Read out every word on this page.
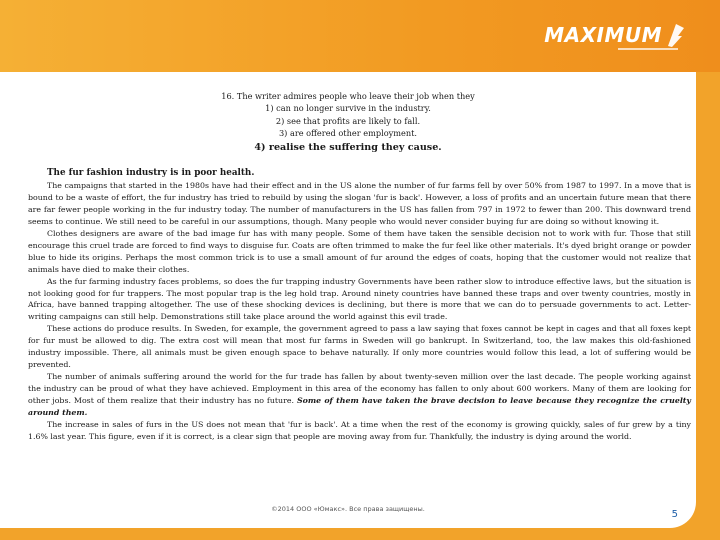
MAXIMUM
16. The writer admires people who leave their job when they
1) can no longer survive in the industry.
2) see that profits are likely to fall.
3) are offered other employment.
4) realise the suffering they cause.

The fur fashion industry is in poor health.

The campaigns that started in the 1980s have had their effect and in the US alone the number of fur farms fell by over 50% from 1987 to 1997. In a move that is bound to be a waste of effort, the fur industry has tried to rebuild by using the slogan 'fur is back'. However, a loss of profits and an uncertain future mean that there are far fewer people working in the fur industry today. The number of manufacturers in the US has fallen from 797 in 1972 to fewer than 200. This downward trend seems to continue. We still need to be careful in our assumptions, though. Many people who would never consider buying fur are doing so without knowing it.

Clothes designers are aware of the bad image fur has with many people. Some of them have taken the sensible decision not to work with fur. Those that still encourage this cruel trade are forced to find ways to disguise fur. Coats are often trimmed to make the fur feel like other materials. It's dyed bright orange or powder blue to hide its origins. Perhaps the most common trick is to use a small amount of fur around the edges of coats, hoping that the customer would not realize that animals have died to make their clothes.

As the fur farming industry faces problems, so does the fur trapping industry Governments have been rather slow to introduce effective laws, but the situation is not looking good for fur trappers. The most popular trap is the leg hold trap. Around ninety countries have banned these traps and over twenty countries, mostly in Africa, have banned trapping altogether. The use of these shocking devices is declining, but there is more that we can do to persuade governments to act. Letter-writing campaigns can still help. Demonstrations still take place around the world against this evil trade.

These actions do produce results. In Sweden, for example, the government agreed to pass a law saying that foxes cannot be kept in cages and that all foxes kept for fur must be allowed to dig. The extra cost will mean that most fur farms in Sweden will go bankrupt. In Switzerland, too, the law makes this old-fashioned industry impossible. There, all animals must be given enough space to behave naturally. If only more countries would follow this lead, a lot of suffering would be prevented.

The number of animals suffering around the world for the fur trade has fallen by about twenty-seven million over the last decade. The people working against the industry can be proud of what they have achieved. Employment in this area of the economy has fallen to only about 600 workers. Many of them are looking for other jobs. Most of them realize that their industry has no future. Some of them have taken the brave decision to leave because they recognize the cruelty around them.

The increase in sales of furs in the US does not mean that 'fur is back'. At a time when the rest of the economy is growing quickly, sales of fur grew by a tiny 1.6% last year. This figure, even if it is correct, is a clear sign that people are moving away from fur. Thankfully, the industry is dying around the world.

©2014 ООО «Юмакс». Все права защищены.	5
